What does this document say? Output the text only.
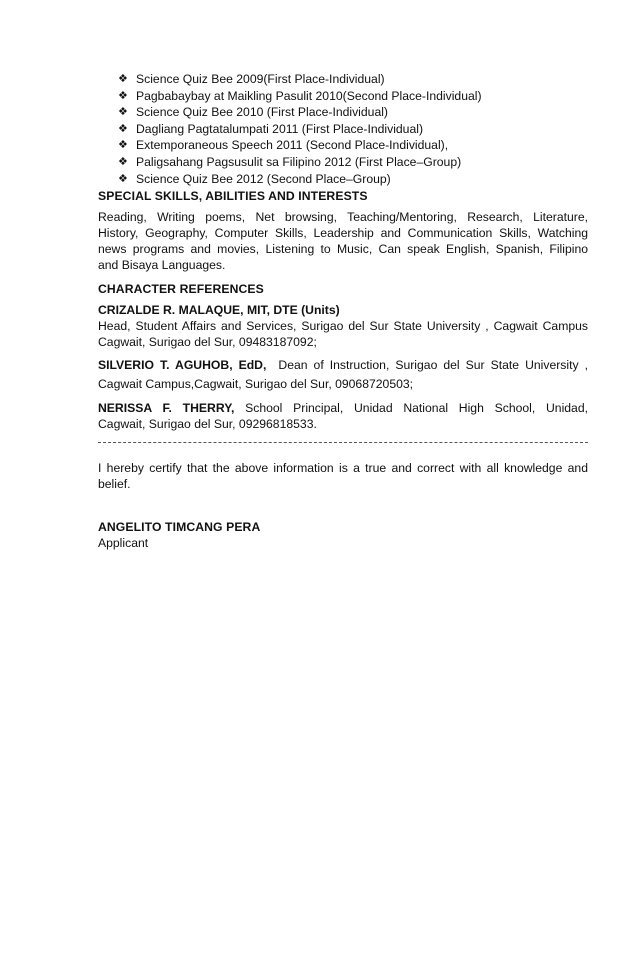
❖ Science Quiz Bee 2009(First Place-Individual)
❖ Pagbabaybay at Maikling Pasulit 2010(Second Place-Individual)
❖ Science Quiz Bee 2010 (First Place-Individual)
❖ Dagliang Pagtatalumpati 2011 (First Place-Individual)
❖ Extemporaneous Speech 2011 (Second Place-Individual),
❖ Paligsahang Pagsusulit sa Filipino 2012 (First Place–Group)
❖ Science Quiz Bee 2012 (Second Place–Group)
SPECIAL SKILLS, ABILITIES AND INTERESTS
Reading, Writing poems, Net browsing, Teaching/Mentoring, Research, Literature,
History, Geography, Computer Skills, Leadership and Communication Skills, Watching
news programs and movies, Listening to Music, Can speak English, Spanish, Filipino
and Bisaya Languages.
CHARACTER REFERENCES
CRIZALDE R. MALAQUE, MIT, DTE (Units)
Head, Student Affairs and Services, Surigao del Sur State University , Cagwait Campus
Cagwait, Surigao del Sur, 09483187092;
SILVERIO T. AGUHOB, EdD, Dean of Instruction, Surigao del Sur State University ,
Cagwait Campus,Cagwait, Surigao del Sur, 09068720503;
NERISSA F. THERRY, School Principal, Unidad National High School, Unidad,
Cagwait, Surigao del Sur, 09296818533.
I hereby certify that the above information is a true and correct with all knowledge and
belief.
ANGELITO TIMCANG PERA
Applicant
